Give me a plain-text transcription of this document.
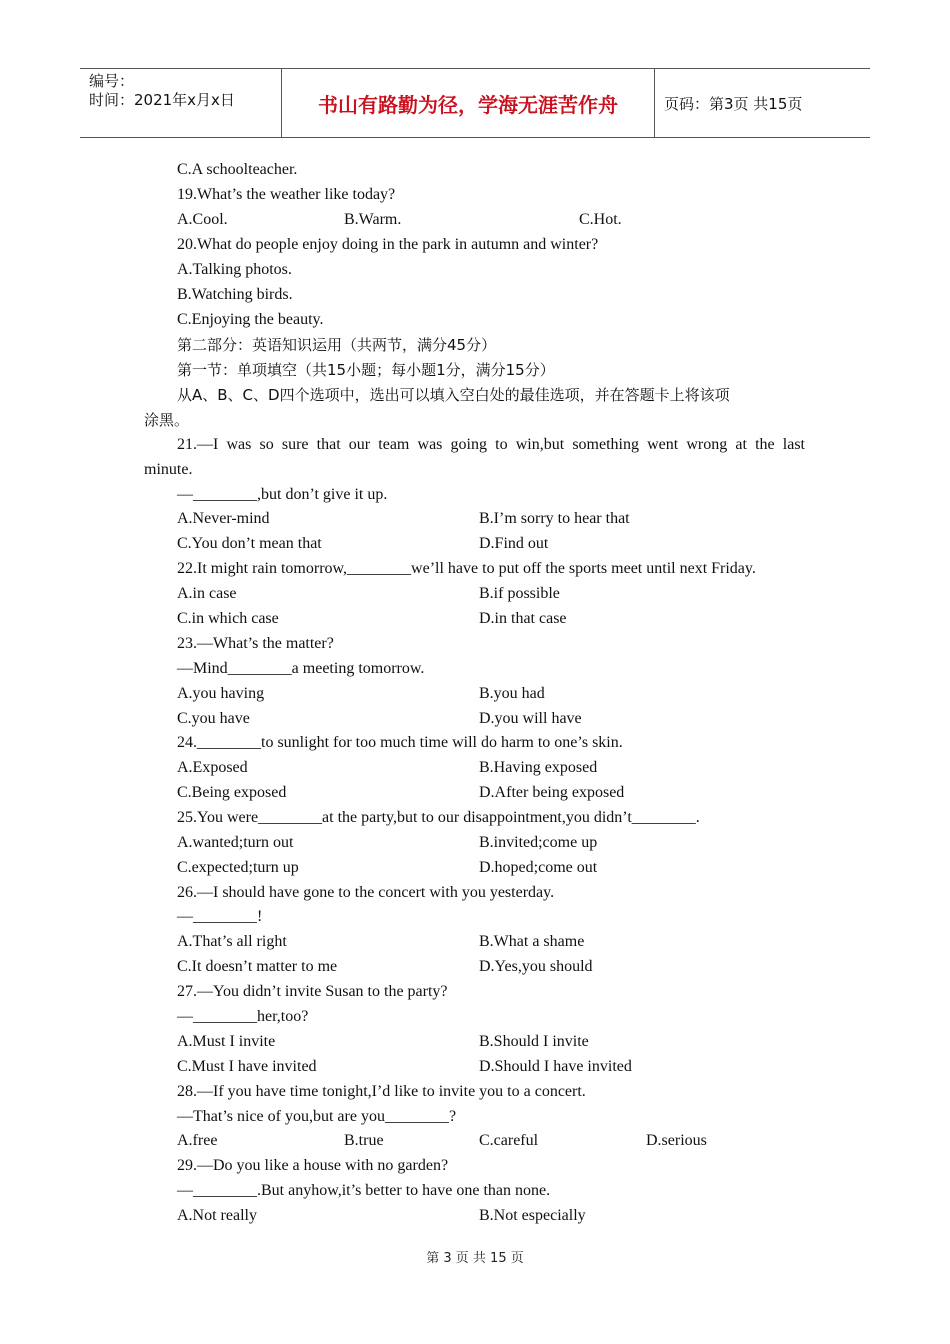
编号：
时间：2021年x月x日	书山有路勤为径，学海无涯苦作舟	页码：第3页 共15页
C.A schoolteacher.
19.What’s the weather like today?
A.Cool.	B.Warm.	C.Hot.
20.What do people enjoy doing in the park in autumn and winter?
A.Talking photos.
B.Watching birds.
C.Enjoying the beauty.
第二部分：英语知识运用（共两节，满分45分）
第一节：单项填空（共15小题；每小题1分，满分15分）
从A、B、C、D四个选项中，选出可以填入空白处的最佳选项，并在答题卡上将该项
涂黑。
21.—I was so sure that our team was going to win,but something went wrong at the last
minute.
—________,but don’t give it up.
A.Never-mind	B.I’m sorry to hear that
C.You don’t mean that	D.Find out
22.It might rain tomorrow,________we’ll have to put off the sports meet until next Friday.
A.in case	B.if possible
C.in which case	D.in that case
23.—What’s the matter?
—Mind________a meeting tomorrow.
A.you having	B.you had
C.you have	D.you will have
24.________to sunlight for too much time will do harm to one’s skin.
A.Exposed	B.Having exposed
C.Being exposed	D.After being exposed
25.You were________at the party,but to our disappointment,you didn’t________.
A.wanted;turn out	B.invited;come up
C.expected;turn up	D.hoped;come out
26.—I should have gone to the concert with you yesterday.
—________!
A.That’s all right	B.What a shame
C.It doesn’t matter to me	D.Yes,you should
27.—You didn’t invite Susan to the party?
—________her,too?
A.Must I invite	B.Should I invite
C.Must I have invited	D.Should I have invited
28.—If you have time tonight,I’d like to invite you to a concert.
—That’s nice of you,but are you________?
A.free	B.true	C.careful	D.serious
29.—Do you like a house with no garden?
—________.But anyhow,it’s better to have one than none.
A.Not really	B.Not especially
第 3 页 共 15 页
